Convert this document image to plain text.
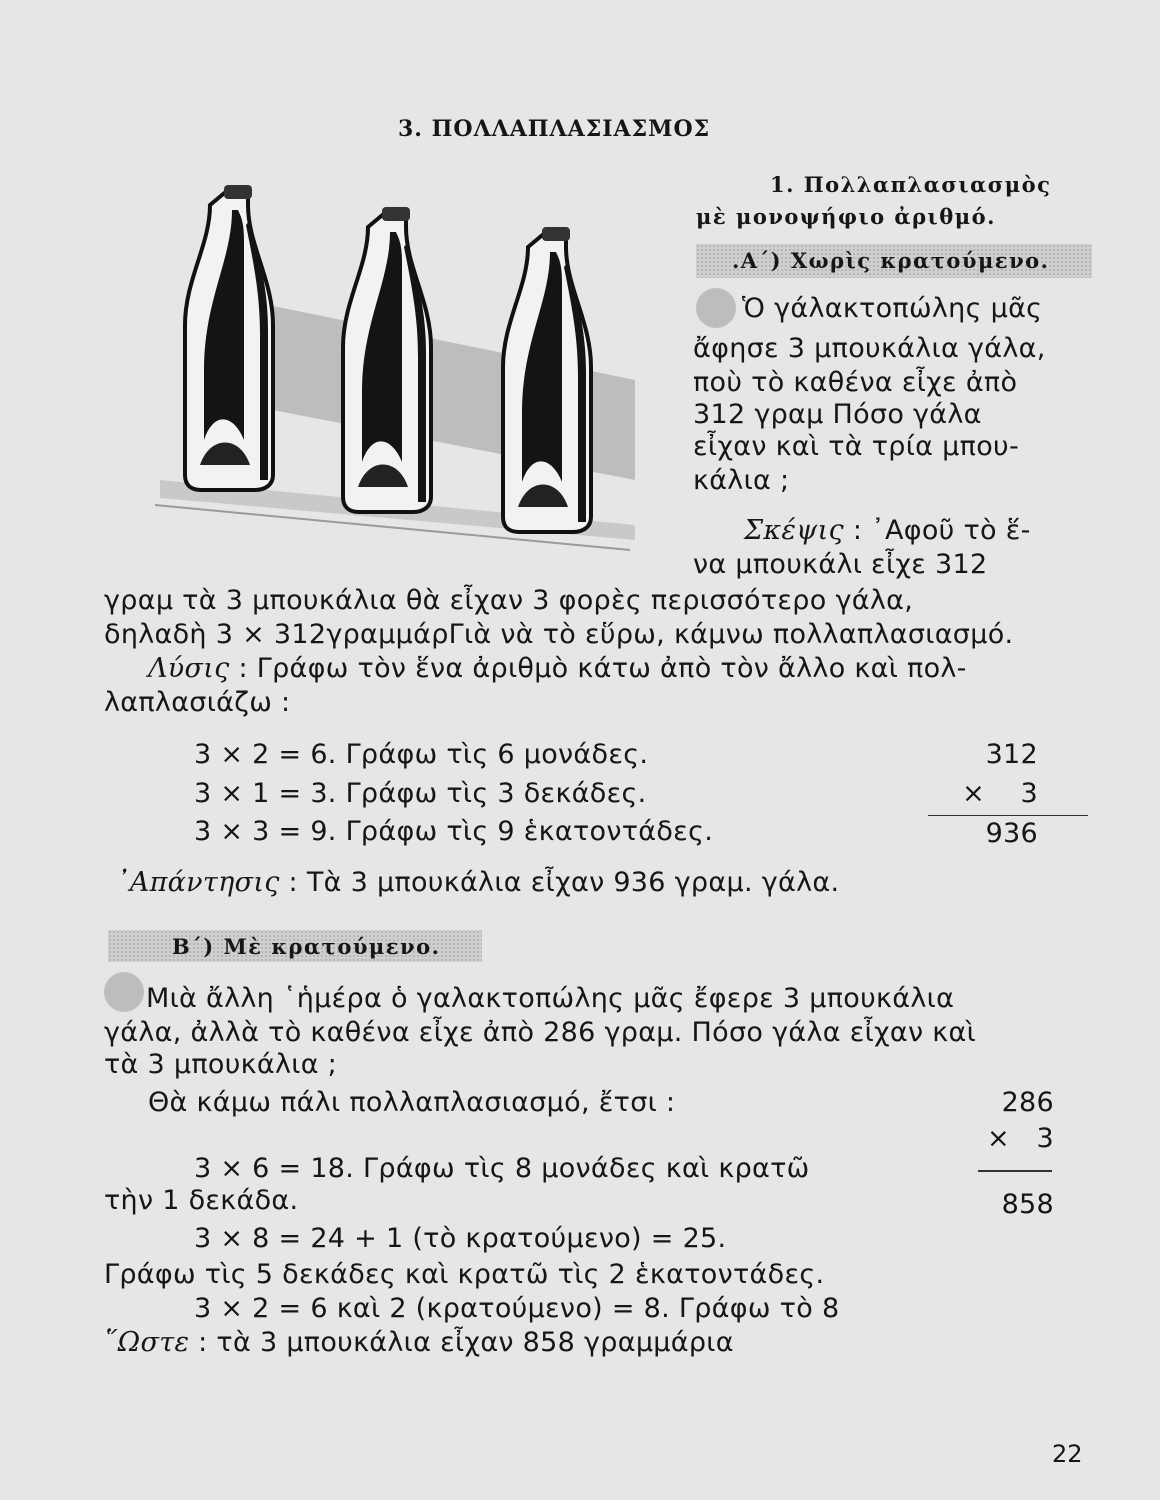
3. ΠΟΛΛΑΠΛΑΣΙΑΣΜΟΣ
1. Πολλαπλασιασμὸς
μὲ μονοψήφιο ἀριθμό.
.Α΄) Χωρὶς κρατούμενο.
Ὁ γάλακτοπώλης μᾶς
ἄφησε 3 μπουκάλια γάλα,
ποὺ τὸ καθένα εἶχε ἀπὸ
312 γραμ Πόσο γάλα
εἶχαν καὶ τὰ τρία μπου-
κάλια ;
Σκέψις : ᾿Αφοῦ τὸ ἕ-
να μπουκάλι εἶχε 312
γραμ τὰ 3 μπουκάλια θὰ εἶχαν 3 φορὲς περισσότερο γάλα,
δηλαδὴ 3 × 312γραμμάρΓιὰ νὰ τὸ εὕρω, κάμνω πολλαπλασιασμό.
Λύσις : Γράφω τὸν ἕνα ἀριθμὸ κάτω ἀπὸ τὸν ἄλλο καὶ πολ-
λαπλασιάζω :
3 × 2 = 6. Γράφω τὶς 6 μονάδες.
3 × 1 = 3. Γράφω τὶς 3 δεκάδες.
3 × 3 = 9. Γράφω τὶς 9 ἑκατοντάδες.
312
×    3
936
᾿Απάντησις : Τὰ 3 μπουκάλια εἶχαν 936 γραμ. γάλα.
Β΄) Μὲ κρατούμενο.
Μιὰ ἄλλη ῾ἡμέρα ὁ γαλακτοπώλης μᾶς ἔφερε 3 μπουκάλια
γάλα, ἀλλὰ τὸ καθένα εἶχε ἀπὸ 286 γραμ. Πόσο γάλα εἶχαν καὶ
τὰ 3 μπουκάλια ;
Θὰ κάμω πάλι πολλαπλασιασμό, ἔτσι :	286
×   3
858
3 × 6 = 18. Γράφω τὶς 8 μονάδες καὶ κρατῶ
τὴν 1 δεκάδα.
3 × 8 = 24 + 1 (τὸ κρατούμενο) = 25.
Γράφω τὶς 5 δεκάδες καὶ κρατῶ τὶς 2 ἑκατοντάδες.
3 × 2 = 6 καὶ 2 (κρατούμενο) = 8. Γράφω τὸ 8
῞Ωστε : τὰ 3 μπουκάλια εἶχαν 858 γραμμάρια
22
